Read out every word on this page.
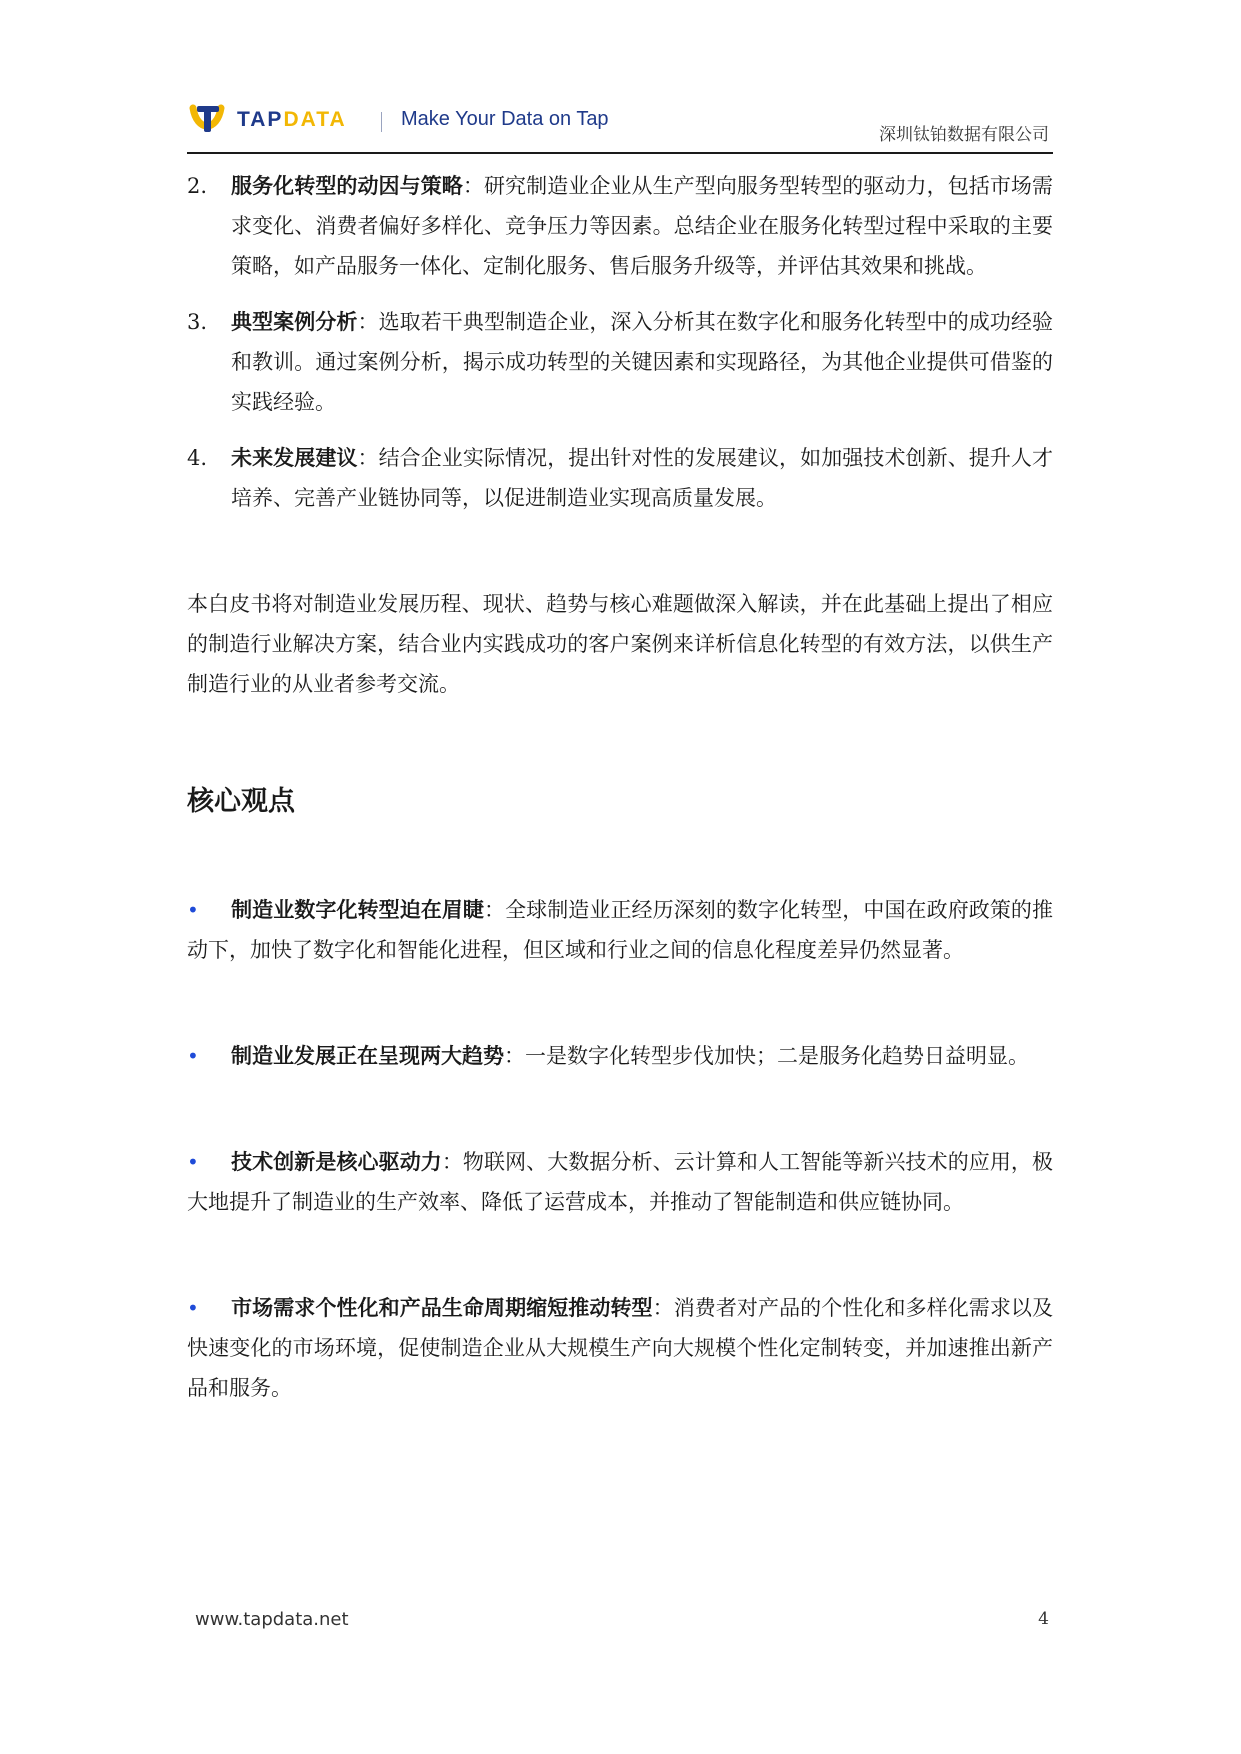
TAPDATA	Make Your Data on Tap
深圳钛铂数据有限公司
2. 服务化转型的动因与策略：研究制造业企业从生产型向服务型转型的驱动力，包括市场需求变化、消费者偏好多样化、竞争压力等因素。总结企业在服务化转型过程中采取的主要策略，如产品服务一体化、定制化服务、售后服务升级等，并评估其效果和挑战。
3. 典型案例分析：选取若干典型制造企业，深入分析其在数字化和服务化转型中的成功经验和教训。通过案例分析，揭示成功转型的关键因素和实现路径，为其他企业提供可借鉴的实践经验。
4. 未来发展建议：结合企业实际情况，提出针对性的发展建议，如加强技术创新、提升人才培养、完善产业链协同等，以促进制造业实现高质量发展。
本白皮书将对制造业发展历程、现状、趋势与核心难题做深入解读，并在此基础上提出了相应的制造行业解决方案，结合业内实践成功的客户案例来详析信息化转型的有效方法，以供生产制造行业的从业者参考交流。
核心观点
• 制造业数字化转型迫在眉睫：全球制造业正经历深刻的数字化转型，中国在政府政策的推动下，加快了数字化和智能化进程，但区域和行业之间的信息化程度差异仍然显著。
• 制造业发展正在呈现两大趋势：一是数字化转型步伐加快；二是服务化趋势日益明显。
• 技术创新是核心驱动力：物联网、大数据分析、云计算和人工智能等新兴技术的应用，极大地提升了制造业的生产效率、降低了运营成本，并推动了智能制造和供应链协同。
• 市场需求个性化和产品生命周期缩短推动转型：消费者对产品的个性化和多样化需求以及快速变化的市场环境，促使制造企业从大规模生产向大规模个性化定制转变，并加速推出新产品和服务。
www.tapdata.net	4
